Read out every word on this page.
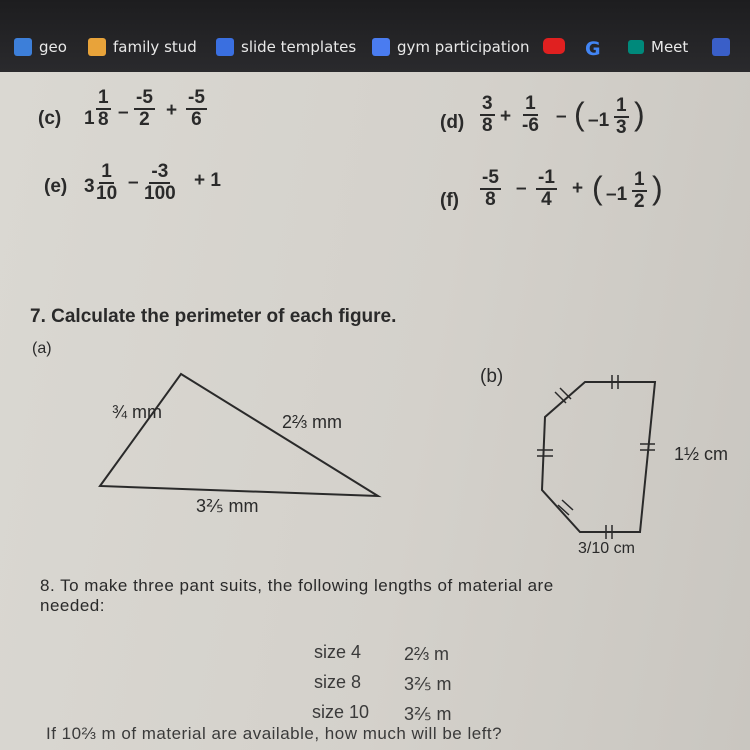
geo	family stud	slide templates	gym participation	G	Meet
(c) $1 \frac{1}{8} - \frac{-5}{2} + \frac{-5}{6}$	$(d) \frac{3}{8} + \frac{1}{-6}$ – ( $-1 \frac{1}{3}$ )
(e) $3 \frac{1}{10} - \frac{-3}{100} + 1$
$(f) \frac{-5}{8} - \frac{-1}{4}$ + ( $-1 \frac{1}{2}$ )
7. Calculate the perimeter of each figure.
(a)
(b)
¾ mm	2⅔ mm
3⅖ mm
1½ cm
3/10 cm
8. To make three pant suits, the following lengths of material are
needed:
size 4 2⅔ m
size 8 3⅖ m
size 10 3⅖ m
If 10⅔ m of material are available, how much will be left?
